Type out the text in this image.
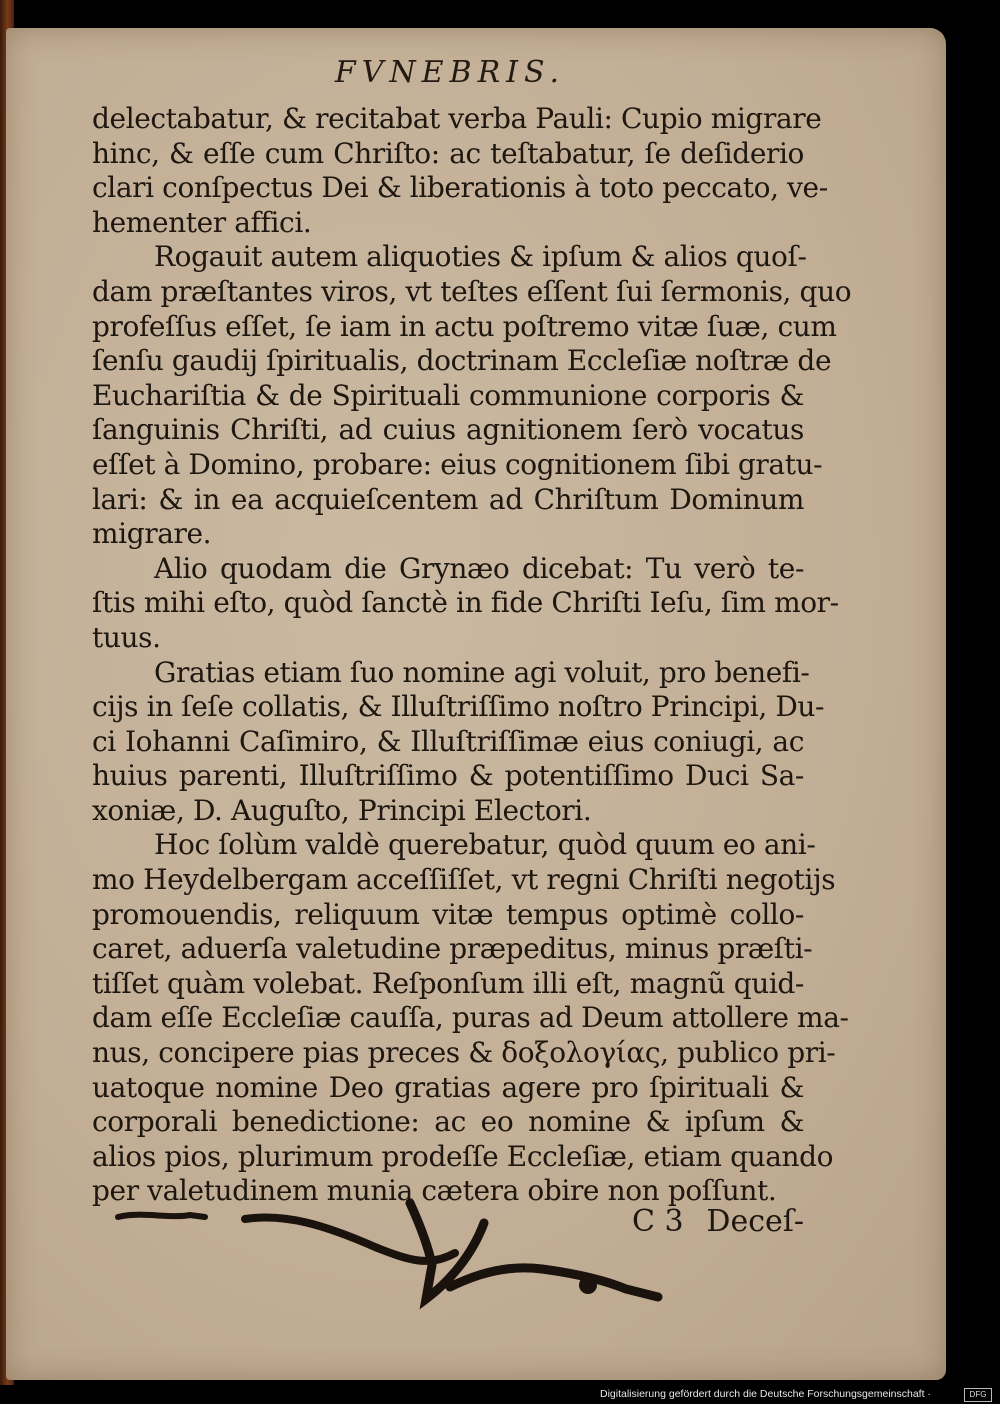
FVNEBRIS.
delectabatur, & recitabat verba Pauli: Cupio migrare
hinc, & eſſe cum Chriſto: ac teſtabatur, ſe deſiderio
clari conſpectus Dei & liberationis à toto peccato, ve-
hementer affici.
Rogauit autem aliquoties & ipſum & alios quoſ-
dam præſtantes viros, vt teſtes eſſent ſui ſermonis, quo
profeſſus eſſet, ſe iam in actu poſtremo vitæ ſuæ, cum
ſenſu gaudij ſpiritualis, doctrinam Eccleſiæ noſtræ de
Euchariſtia & de Spirituali communione corporis &
ſanguinis Chriſti, ad cuius agnitionem ſerò vocatus
eſſet à Domino, probare: eius cognitionem ſibi gratu-
lari: & in ea acquieſcentem ad Chriſtum Dominum
migrare.
Alio quodam die Grynæo dicebat: Tu verò te-
ſtis mihi eſto, quòd ſanctè in fide Chriſti Ieſu, ſim mor-
tuus.
Gratias etiam ſuo nomine agi voluit, pro benefi-
cijs in ſeſe collatis, & Illuſtriſſimo noſtro Principi, Du-
ci Iohanni Caſimiro, & Illuſtriſſimæ eius coniugi, ac
huius parenti, Illuſtriſſimo & potentiſſimo Duci Sa-
xoniæ, D. Auguſto, Principi Electori.
Hoc ſolùm valdè querebatur, quòd quum eo ani-
mo Heydelbergam acceſſiſſet, vt regni Chriſti negotijs
promouendis, reliquum vitæ tempus optimè collo-
caret, aduerſa valetudine præpeditus, minus præſti-
tiſſet quàm volebat. Reſponſum illi eſt, magnũ quid-
dam eſſe Eccleſiæ cauſſa, puras ad Deum attollere ma-
nus, concipere pias preces & δοξολογίας, publico pri-
uatoque nomine Deo gratias agere pro ſpirituali &
corporali benedictione: ac eo nomine & ipſum &
alios pios, plurimum prodeſſe Eccleſiæ, etiam quando
per valetudinem munia cætera obire non poſſunt.
C 3 Deceſ-
Digitalisierung gefördert durch die Deutsche Forschungsgemeinschaft ·	DFG
